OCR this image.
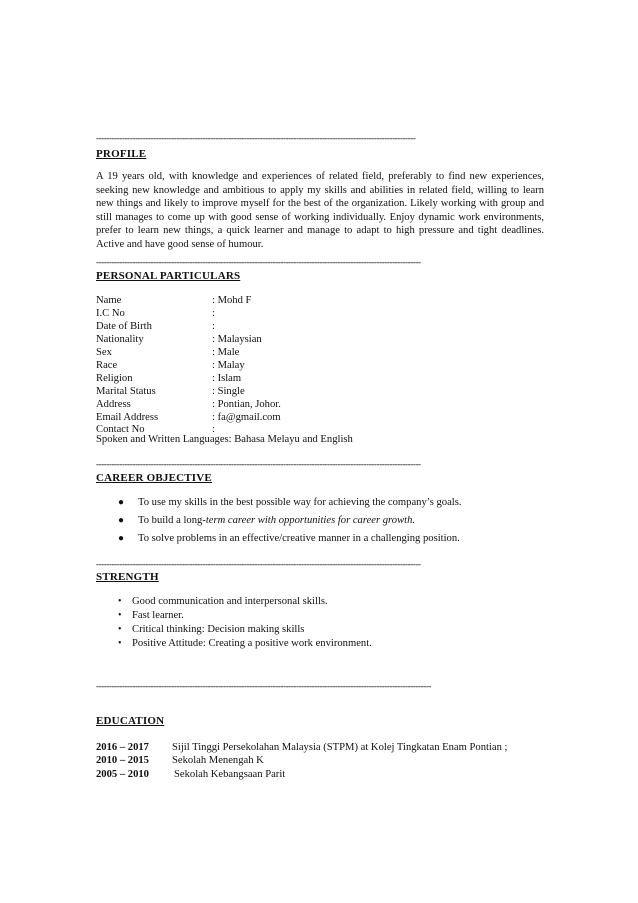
---------------------------------------------------------------------------------------------------------------------------
PROFILE
A 19 years old, with knowledge and experiences of related field, preferably to find new experiences, seeking new knowledge and ambitious to apply my skills and abilities in related field, willing to learn new things and likely to improve myself for the best of the organization. Likely working with group and still manages to come up with good sense of working individually. Enjoy dynamic work environments, prefer to learn new things, a quick learner and manage to adapt to high pressure and tight deadlines. Active and have good sense of humour.
-----------------------------------------------------------------------------------------------------------------------------
PERSONAL PARTICULARS
Name	: Mohd F
I.C No	:
Date of Birth	:
Nationality	: Malaysian
Sex	: Male
Race	: Malay
Religion	: Islam
Marital Status	: Single
Address	: Pontian, Johor.
Email Address	: fa@gmail.com
Contact No	:
Spoken and Written Languages: Bahasa Melayu and English
-----------------------------------------------------------------------------------------------------------------------------
CAREER OBJECTIVE
● To use my skills in the best possible way for achieving the company’s goals.
● To build a long-term career with opportunities for career growth.
● To solve problems in an effective/creative manner in a challenging position.
-----------------------------------------------------------------------------------------------------------------------------
STRENGTH
• Good communication and interpersonal skills.
• Fast learner.
• Critical thinking: Decision making skills
• Positive Attitude: Creating a positive work environment.
---------------------------------------------------------------------------------------------------------------------------------
EDUCATION
2016 – 2017 Sijil Tinggi Persekolahan Malaysia (STPM) at Kolej Tingkatan Enam Pontian ;
2010 – 2015 Sekolah Menengah K
2005 – 2010 Sekolah Kebangsaan Parit
